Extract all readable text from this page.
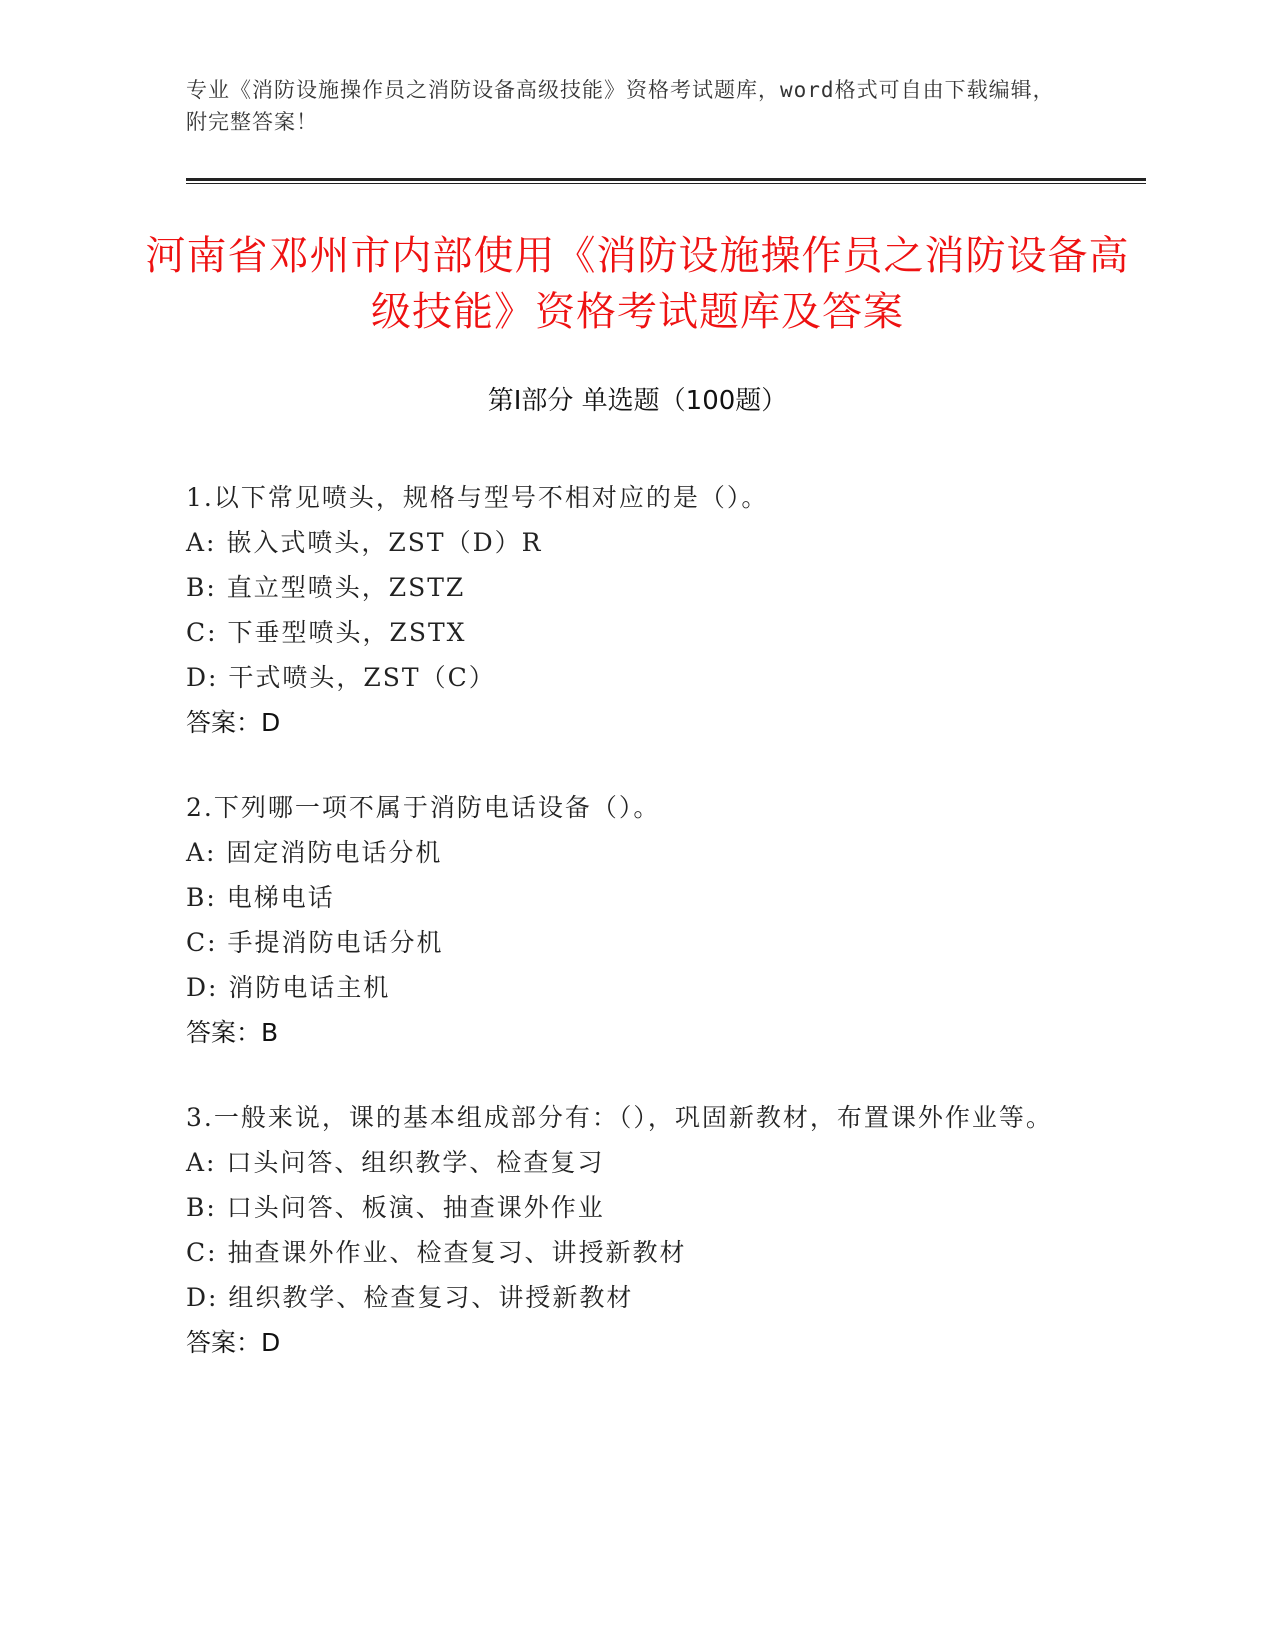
专业《消防设施操作员之消防设备高级技能》资格考试题库，word格式可自由下载编辑，附完整答案！
河南省邓州市内部使用《消防设施操作员之消防设备高级技能》资格考试题库及答案
第Ⅰ部分 单选题（100题）
1.以下常见喷头，规格与型号不相对应的是（）。
A: 嵌入式喷头，ZST（D）R
B: 直立型喷头，ZSTZ
C: 下垂型喷头，ZSTX
D: 干式喷头，ZST（C）
答案：D
2.下列哪一项不属于消防电话设备（）。
A: 固定消防电话分机
B: 电梯电话
C: 手提消防电话分机
D: 消防电话主机
答案：B
3.一般来说，课的基本组成部分有：（），巩固新教材，布置课外作业等。
A: 口头问答、组织教学、检查复习
B: 口头问答、板演、抽查课外作业
C: 抽查课外作业、检查复习、讲授新教材
D: 组织教学、检查复习、讲授新教材
答案：D
